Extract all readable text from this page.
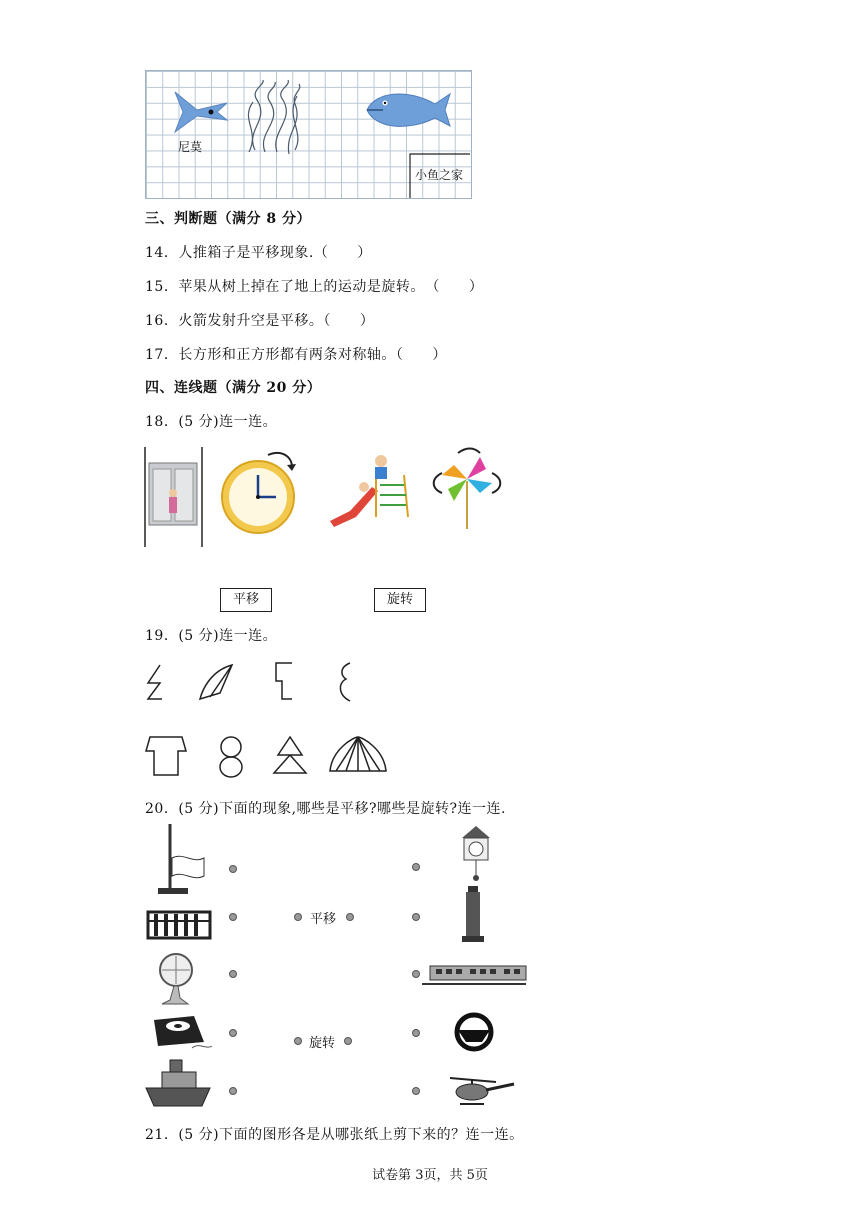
尼莫
小鱼之家
三、判断题（满分 8 分）
14．人推箱子是平移现象.（　　）
15．苹果从树上掉在了地上的运动是旋转。　（　　）
16．火箭发射升空是平移。（　　）
17．长方形和正方形都有两条对称轴。（　　）
四、连线题（满分 20 分）
18．(5 分)连一连。
平移	旋转
19．(5 分)连一连。
20．(5 分)下面的现象,哪些是平移?哪些是旋转?连一连.
平移
旋转
21．(5 分)下面的图形各是从哪张纸上剪下来的？连一连。
试卷第 3页，共 5页
